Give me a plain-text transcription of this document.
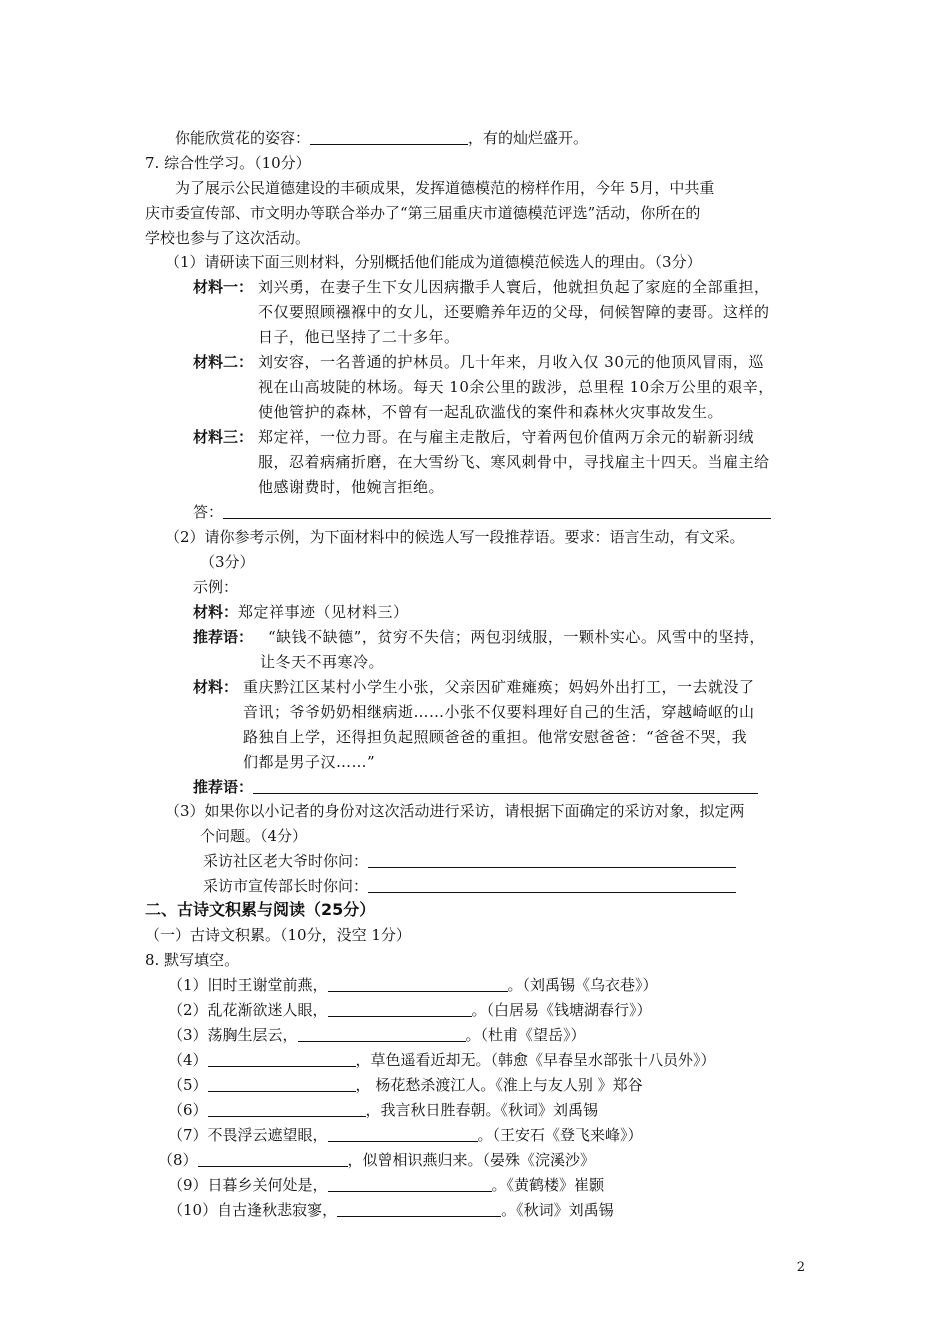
你能欣赏花的姿容：	，有的灿烂盛开。
7. 综合性学习。（10分）
为了展示公民道德建设的丰硕成果，发挥道德模范的榜样作用，今年 5月，中共重
庆市委宣传部、市文明办等联合举办了“第三届重庆市道德模范评选”活动，你所在的
学校也参与了这次活动。
（1）请研读下面三则材料，分别概括他们能成为道德模范候选人的理由。（3分）
材料一： 刘兴勇，在妻子生下女儿因病撒手人寰后，他就担负起了家庭的全部重担，
不仅要照顾襁褓中的女儿，还要赡养年迈的父母，伺候智障的妻哥。这样的
日子，他已坚持了二十多年。
材料二： 刘安容，一名普通的护林员。几十年来，月收入仅 30元的他顶风冒雨，巡
视在山高坡陡的林场。每天 10余公里的跋涉，总里程 10余万公里的艰辛，
使他管护的森林，不曾有一起乱砍滥伐的案件和森林火灾事故发生。
材料三： 郑定祥，一位力哥。在与雇主走散后，守着两包价值两万余元的崭新羽绒
服，忍着病痛折磨，在大雪纷飞、寒风刺骨中，寻找雇主十四天。当雇主给
他感谢费时，他婉言拒绝。
答：
（2）请你参考示例，为下面材料中的候选人写一段推荐语。要求：语言生动，有文采。
（3分）
示例：
材料：郑定祥事迹（见材料三）
推荐语： “缺钱不缺德”，贫穷不失信；两包羽绒服，一颗朴实心。风雪中的坚持，
让冬天不再寒冷。
材料： 重庆黔江区某村小学生小张，父亲因矿难瘫痪；妈妈外出打工，一去就没了
音讯；爷爷奶奶相继病逝……小张不仅要料理好自己的生活，穿越崎岖的山
路独自上学，还得担负起照顾爸爸的重担。他常安慰爸爸：“爸爸不哭，我
们都是男子汉……”
推荐语：
（3）如果你以小记者的身份对这次活动进行采访，请根据下面确定的采访对象，拟定两
个问题。（4分）
采访社区老大爷时你问：
采访市宣传部长时你问：
二、古诗文积累与阅读（25分）
（一）古诗文积累。（10分，没空 1分）
8. 默写填空。
（1）旧时王谢堂前燕，	。（刘禹锡《乌衣巷》）
（2）乱花渐欲迷人眼，	。（白居易《钱塘湖春行》）
（3）荡胸生层云，	。（杜甫《望岳》）
（4）	，草色遥看近却无。（韩愈《早春呈水部张十八员外》）
（5）	， 杨花愁杀渡江人。《淮上与友人别 》郑谷
（6）	，我言秋日胜春朝。《秋词》刘禹锡
（7）不畏浮云遮望眼，	。（王安石《登飞来峰》）
（8）	，似曾相识燕归来。（晏殊《浣溪沙》
（9）日暮乡关何处是，	。《黄鹤楼》崔颢
（10）自古逢秋悲寂寥，	。《秋词》刘禹锡
2
